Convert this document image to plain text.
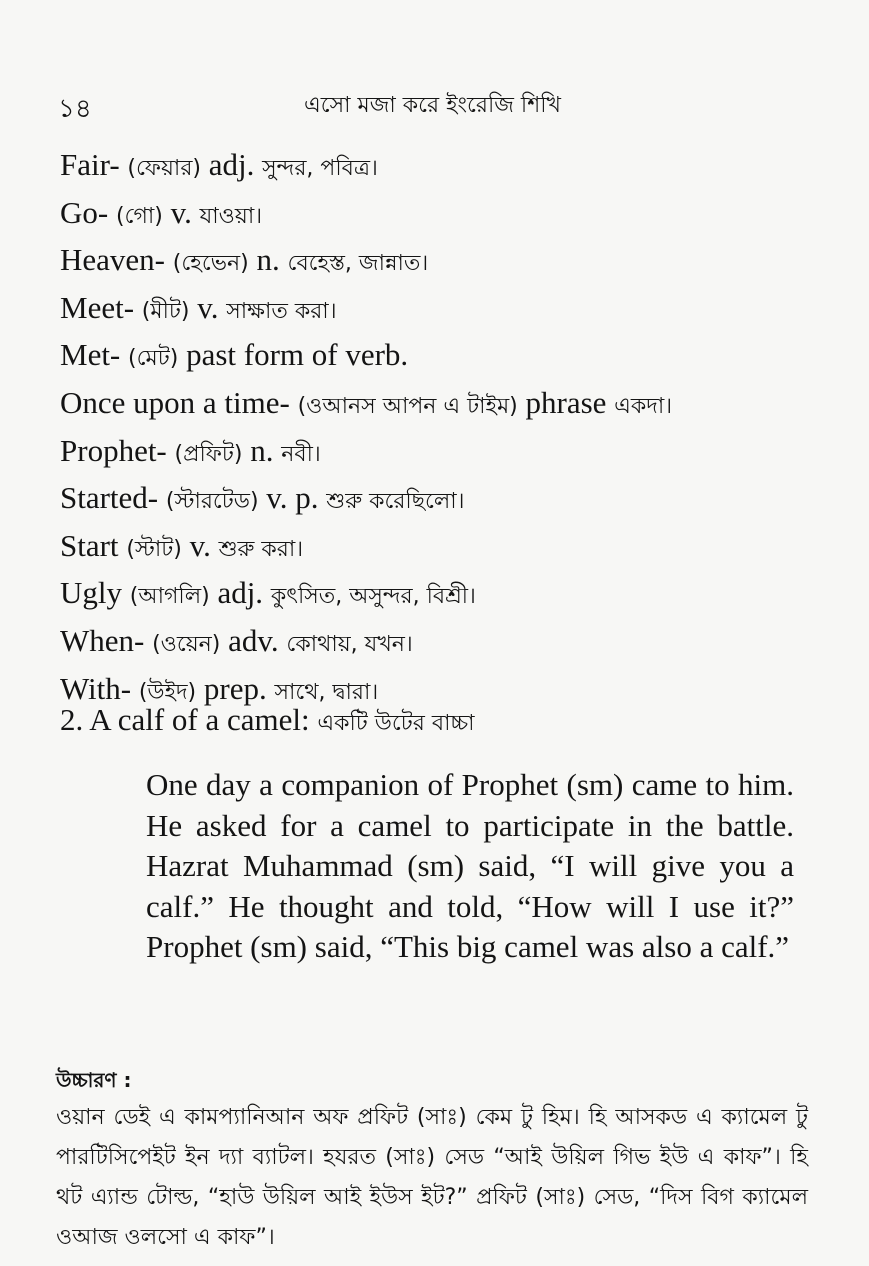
১৪	এসো মজা করে ইংরেজি শিখি
Fair- (ফেয়ার) adj. সুন্দর, পবিত্র।
Go- (গো) v. যাওয়া।
Heaven- (হেভেন) n. বেহেস্ত, জান্নাত।
Meet- (মীট) v. সাক্ষাত করা।
Met- (মেট) past form of verb.
Once upon a time- (ওআনস আপন এ টাইম) phrase একদা।
Prophet- (প্রফিট) n. নবী।
Started- (স্টারটেড) v. p. শুরু করেছিলো।
Start (স্টাট) v. শুরু করা।
Ugly (আগলি) adj. কুৎসিত, অসুন্দর, বিশ্রী।
When- (ওয়েন) adv. কোথায়, যখন।
With- (উইদ) prep. সাথে, দ্বারা।
2. A calf of a camel: একটি উটের বাচ্চা

One day a companion of Prophet (sm) came to him. He asked for a camel to participate in the battle. Hazrat Muhammad (sm) said, “I will give you a calf.” He thought and told, “How will I use it?” Prophet (sm) said, “This big camel was also a calf.”

উচ্চারণ :

ওয়ান ডেই এ কামপ্যানিআন অফ প্রফিট (সাঃ) কেম টু হিম। হি আসকড এ ক্যামেল টু পারটিসিপেইট ইন দ্যা ব্যাটল। হযরত (সাঃ) সেড “আই উয়িল গিভ ইউ এ কাফ”। হি থট এ্যান্ড টোল্ড, “হাউ উয়িল আই ইউস ইট?” প্রফিট (সাঃ) সেড, “দিস বিগ ক্যামেল ওআজ ওলসো এ কাফ”।
